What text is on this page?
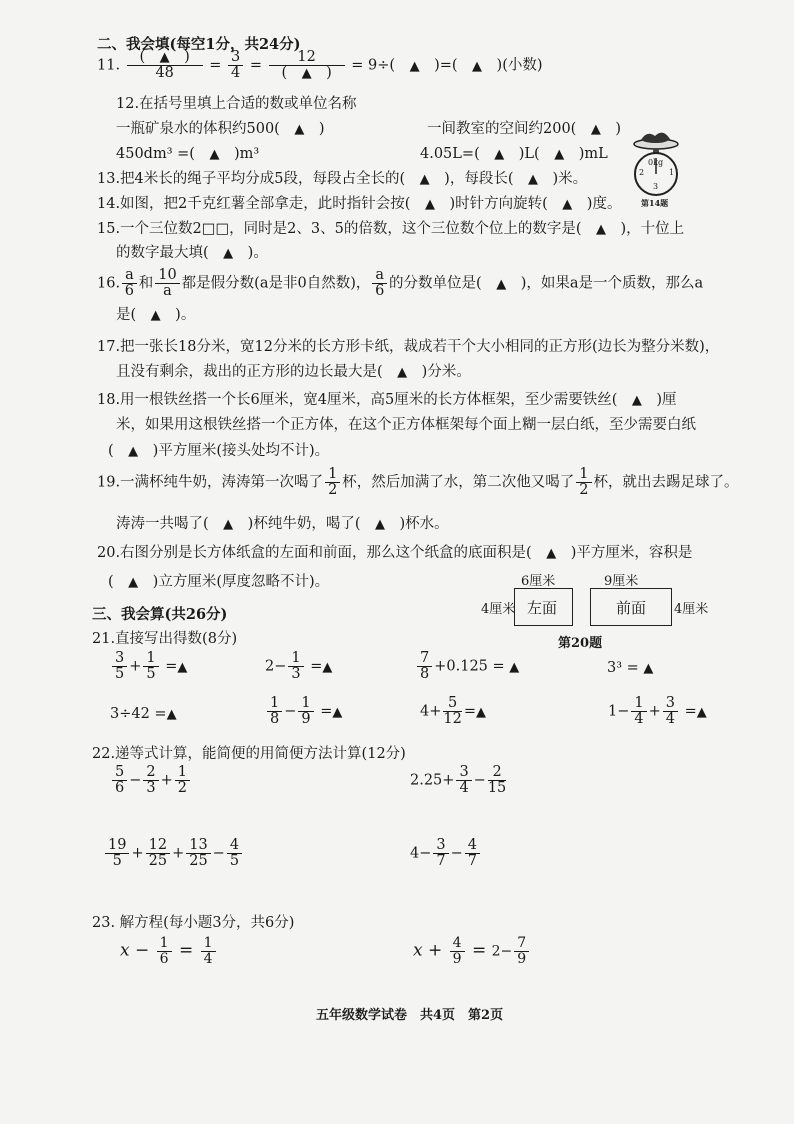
二、我会填(每空1分，共24分)
11. $\frac{( ▲ )}{48} = \frac{3}{4} = \frac{12}{( ▲ )} = 9\div$(　 ▲　 )=(　 ▲　 )(小数)
12.在括号里填上合适的数或单位名称
一瓶矿泉水的体积约500(　 ▲　)	一间教室的空间约200(　 ▲　)
450dm³ =(　 ▲　 )m³	4.05L=(　 ▲　 )L(　 ▲　 )mL
0kg
2	1
3
第14题
13.把4米长的绳子平均分成5段，每段占全长的(　 ▲　 )，每段长(　 ▲　 )米。
14.如图，把2千克红薯全部拿走，此时指针会按(　 ▲　 )时针方向旋转(　 ▲　 )度。
15.一个三位数2□□，同时是2、3、5的倍数，这个三位数个位上的数字是(　 ▲　 )，十位上
的数字最大填(　 ▲　 )。
16. $\frac{a}{6}$ 和 $\frac{10}{a}$ 都是假分数(a是非0自然数)， $\frac{a}{6}$ 的分数单位是(　 ▲　 )，如果a是一个质数，那么a
是(　 ▲　 )。
17.把一张长18分米，宽12分米的长方形卡纸，裁成若干个大小相同的正方形(边长为整分米数)，
且没有剩余，裁出的正方形的边长最大是(　 ▲　 )分米。
18.用一根铁丝搭一个长6厘米，宽4厘米，高5厘米的长方体框架，至少需要铁丝(　 ▲　 )厘
米，如果用这根铁丝搭一个正方体，在这个正方体框架每个面上糊一层白纸，至少需要白纸
(　 ▲　 )平方厘米(接头处均不计)。
19.一满杯纯牛奶，涛涛第一次喝了 $\frac{1}{2}$ 杯，然后加满了水，第二次他又喝了 $\frac{1}{2}$ 杯，就出去踢足球了。
涛涛一共喝了(　 ▲　 )杯纯牛奶，喝了(　 ▲　 )杯水。
20.右图分别是长方体纸盒的左面和前面，那么这个纸盒的底面积是(　 ▲　 )平方厘米，容积是
(　 ▲　 )立方厘米(厚度忽略不计)。	6厘米	9厘米
4厘米 左面	前面 4厘米
第20题
三、我会算(共26分)
21.直接写出得数(8分)
$\frac{3}{5} + \frac{1}{5}$ =▲	$2- \frac{1}{3}$ =▲	$\frac{7}{8} +0.125$ = ▲	3³ = ▲
3÷42 =▲	$\frac{1}{8} - \frac{1}{9}$ =▲	$4+ \frac{5}{12}$ =▲	$1- \frac{1}{4} + \frac{3}{4}$ =▲
22.递等式计算，能简便的用简便方法计算(12分)
$\frac{5}{6} - \frac{2}{3} + \frac{1}{2}$	$2.25+ \frac{3}{4} - \frac{2}{15}$
$\frac{19}{5} + \frac{12}{25} + \frac{13}{25} - \frac{4}{5}$	$4- \frac{3}{7} - \frac{4}{7}$
23. 解方程(每小题3分，共6分)
$x - \frac{1}{6} = \frac{1}{4}$	$x + \frac{4}{9} = 2- \frac{7}{9}$
五年级数学试卷　共4页　第2页
